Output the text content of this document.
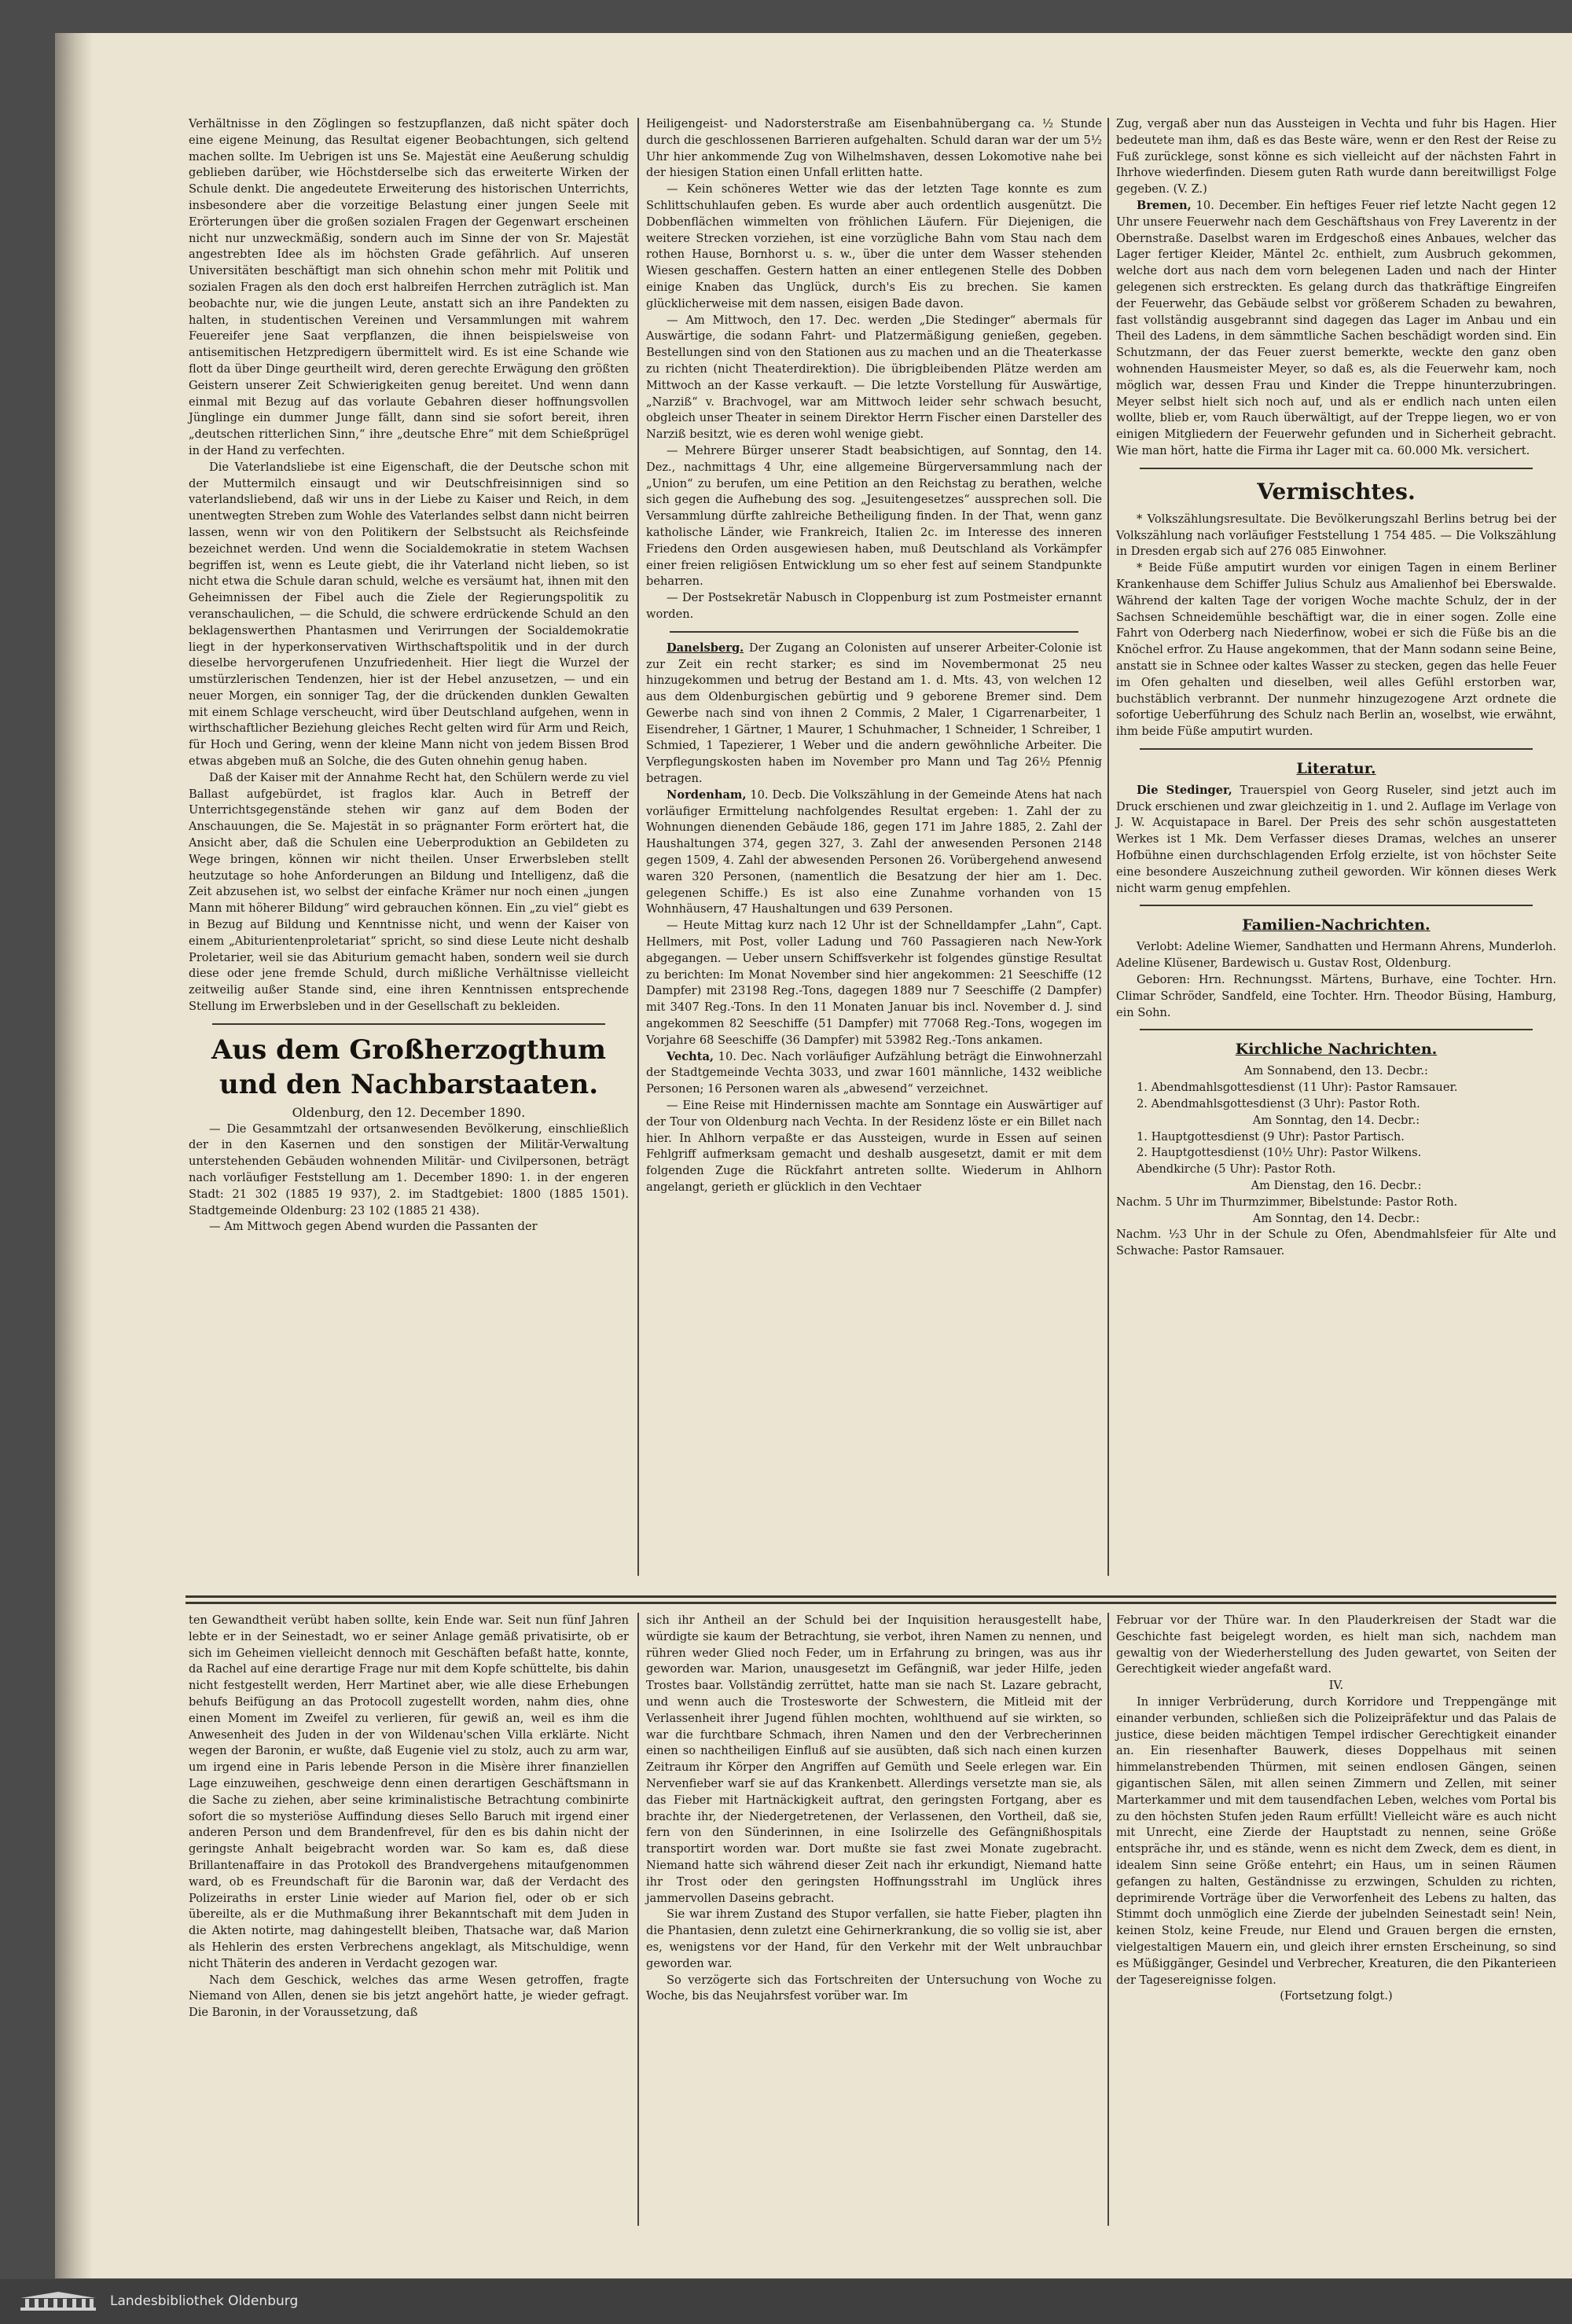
Verhältnisse in den Zöglingen so festzupflanzen, daß nicht später doch eine eigene Meinung, das Resultat eigener Beobachtungen, sich geltend machen sollte. Im Uebrigen ist uns Se. Majestät eine Aeußerung schuldig geblieben darüber, wie Höchstderselbe sich das erweiterte Wirken der Schule denkt. Die angedeutete Erweiterung des historischen Unterrichts, insbesondere aber die vorzeitige Belastung einer jungen Seele mit Erörterungen über die großen sozialen Fragen der Gegenwart erscheinen nicht nur unzweckmäßig, sondern auch im Sinne der von Sr. Majestät angestrebten Idee als im höchsten Grade gefährlich. Auf unseren Universitäten beschäftigt man sich ohnehin schon mehr mit Politik und sozialen Fragen als den doch erst halbreifen Herrchen zuträglich ist. Man beobachte nur, wie die jungen Leute, anstatt sich an ihre Pandekten zu halten, in studentischen Vereinen und Versammlungen mit wahrem Feuereifer jene Saat verpflanzen, die ihnen beispielsweise von antisemitischen Hetzpredigern übermittelt wird. Es ist eine Schande wie flott da über Dinge geurtheilt wird, deren gerechte Erwägung den größten Geistern unserer Zeit Schwierigkeiten genug bereitet. Und wenn dann einmal mit Bezug auf das vorlaute Gebahren dieser hoffnungsvollen Jünglinge ein dummer Junge fällt, dann sind sie sofort bereit, ihren „deutschen ritterlichen Sinn,“ ihre „deutsche Ehre“ mit dem Schießprügel in der Hand zu verfechten.

Die Vaterlandsliebe ist eine Eigenschaft, die der Deutsche schon mit der Muttermilch einsaugt und wir Deutschfreisinnigen sind so vaterlandsliebend, daß wir uns in der Liebe zu Kaiser und Reich, in dem unentwegten Streben zum Wohle des Vaterlandes selbst dann nicht beirren lassen, wenn wir von den Politikern der Selbstsucht als Reichsfeinde bezeichnet werden. Und wenn die Socialdemokratie in stetem Wachsen begriffen ist, wenn es Leute giebt, die ihr Vaterland nicht lieben, so ist nicht etwa die Schule daran schuld, welche es versäumt hat, ihnen mit den Geheimnissen der Fibel auch die Ziele der Regierungspolitik zu veranschaulichen, — die Schuld, die schwere erdrückende Schuld an den beklagenswerthen Phantasmen und Verirrungen der Socialdemokratie liegt in der hyperkonservativen Wirthschaftspolitik und in der durch dieselbe hervorgerufenen Unzufriedenheit. Hier liegt die Wurzel der umstürzlerischen Tendenzen, hier ist der Hebel anzusetzen, — und ein neuer Morgen, ein sonniger Tag, der die drückenden dunklen Gewalten mit einem Schlage verscheucht, wird über Deutschland aufgehen, wenn in wirthschaftlicher Beziehung gleiches Recht gelten wird für Arm und Reich, für Hoch und Gering, wenn der kleine Mann nicht von jedem Bissen Brod etwas abgeben muß an Solche, die des Guten ohnehin genug haben.

Daß der Kaiser mit der Annahme Recht hat, den Schülern werde zu viel Ballast aufgebürdet, ist fraglos klar. Auch in Betreff der Unterrichtsgegenstände stehen wir ganz auf dem Boden der Anschauungen, die Se. Majestät in so prägnanter Form erörtert hat, die Ansicht aber, daß die Schulen eine Ueberproduktion an Gebildeten zu Wege bringen, können wir nicht theilen. Unser Erwerbsleben stellt heutzutage so hohe Anforderungen an Bildung und Intelligenz, daß die Zeit abzusehen ist, wo selbst der einfache Krämer nur noch einen „jungen Mann mit höherer Bildung“ wird gebrauchen können. Ein „zu viel“ giebt es in Bezug auf Bildung und Kenntnisse nicht, und wenn der Kaiser von einem „Abiturientenproletariat“ spricht, so sind diese Leute nicht deshalb Proletarier, weil sie das Abiturium gemacht haben, sondern weil sie durch diese oder jene fremde Schuld, durch mißliche Verhältnisse vielleicht zeitweilig außer Stande sind, eine ihren Kenntnissen entsprechende Stellung im Erwerbsleben und in der Gesellschaft zu bekleiden.

Aus dem Großherzogthum und den Nachbarstaaten.

Oldenburg, den 12. December 1890.

— Die Gesammtzahl der ortsanwesenden Bevölkerung, einschließlich der in den Kasernen und den sonstigen der Militär-Verwaltung unterstehenden Gebäuden wohnenden Militär- und Civilpersonen, beträgt nach vorläufiger Feststellung am 1. December 1890: 1. in der engeren Stadt: 21 302 (1885 19 937), 2. im Stadtgebiet: 1800 (1885 1501). Stadtgemeinde Oldenburg: 23 102 (1885 21 438).

— Am Mittwoch gegen Abend wurden die Passanten der

Heiligengeist- und Nadorsterstraße am Eisenbahnübergang ca. ½ Stunde durch die geschlossenen Barrieren aufgehalten. Schuld daran war der um 5½ Uhr hier ankommende Zug von Wilhelmshaven, dessen Lokomotive nahe bei der hiesigen Station einen Unfall erlitten hatte.

— Kein schöneres Wetter wie das der letzten Tage konnte es zum Schlittschuhlaufen geben. Es wurde aber auch ordentlich ausgenützt. Die Dobbenflächen wimmelten von fröhlichen Läufern. Für Diejenigen, die weitere Strecken vorziehen, ist eine vorzügliche Bahn vom Stau nach dem rothen Hause, Bornhorst u. s. w., über die unter dem Wasser stehenden Wiesen geschaffen. Gestern hatten an einer entlegenen Stelle des Dobben einige Knaben das Unglück, durch's Eis zu brechen. Sie kamen glücklicherweise mit dem nassen, eisigen Bade davon.

— Am Mittwoch, den 17. Dec. werden „Die Stedinger“ abermals für Auswärtige, die sodann Fahrt- und Platzermäßigung genießen, gegeben. Bestellungen sind von den Stationen aus zu machen und an die Theaterkasse zu richten (nicht Theaterdirektion). Die übrigbleibenden Plätze werden am Mittwoch an der Kasse verkauft. — Die letzte Vorstellung für Auswärtige, „Narziß“ v. Brachvogel, war am Mittwoch leider sehr schwach besucht, obgleich unser Theater in seinem Direktor Herrn Fischer einen Darsteller des Narziß besitzt, wie es deren wohl wenige giebt.

— Mehrere Bürger unserer Stadt beabsichtigen, auf Sonntag, den 14. Dez., nachmittags 4 Uhr, eine allgemeine Bürgerversammlung nach der „Union“ zu berufen, um eine Petition an den Reichstag zu berathen, welche sich gegen die Aufhebung des sog. „Jesuitengesetzes“ aussprechen soll. Die Versammlung dürfte zahlreiche Betheiligung finden. In der That, wenn ganz katholische Länder, wie Frankreich, Italien 2c. im Interesse des inneren Friedens den Orden ausgewiesen haben, muß Deutschland als Vorkämpfer einer freien religiösen Entwicklung um so eher fest auf seinem Standpunkte beharren.

— Der Postsekretär Nabusch in Cloppenburg ist zum Postmeister ernannt worden.

Danelsberg. Der Zugang an Colonisten auf unserer Arbeiter-Colonie ist zur Zeit ein recht starker; es sind im Novembermonat 25 neu hinzugekommen und betrug der Bestand am 1. d. Mts. 43, von welchen 12 aus dem Oldenburgischen gebürtig und 9 geborene Bremer sind. Dem Gewerbe nach sind von ihnen 2 Commis, 2 Maler, 1 Cigarrenarbeiter, 1 Eisendreher, 1 Gärtner, 1 Maurer, 1 Schuhmacher, 1 Schneider, 1 Schreiber, 1 Schmied, 1 Tapezierer, 1 Weber und die andern gewöhnliche Arbeiter. Die Verpflegungskosten haben im November pro Mann und Tag 26½ Pfennig betragen.

Nordenham, 10. Decb. Die Volkszählung in der Gemeinde Atens hat nach vorläufiger Ermittelung nachfolgendes Resultat ergeben: 1. Zahl der zu Wohnungen dienenden Gebäude 186, gegen 171 im Jahre 1885, 2. Zahl der Haushaltungen 374, gegen 327, 3. Zahl der anwesenden Personen 2148 gegen 1509, 4. Zahl der abwesenden Personen 26. Vorübergehend anwesend waren 320 Personen, (namentlich die Besatzung der hier am 1. Dec. gelegenen Schiffe.) Es ist also eine Zunahme vorhanden von 15 Wohnhäusern, 47 Haushaltungen und 639 Personen.

— Heute Mittag kurz nach 12 Uhr ist der Schnelldampfer „Lahn“, Capt. Hellmers, mit Post, voller Ladung und 760 Passagieren nach New-York abgegangen. — Ueber unsern Schiffsverkehr ist folgendes günstige Resultat zu berichten: Im Monat November sind hier angekommen: 21 Seeschiffe (12 Dampfer) mit 23198 Reg.-Tons, dagegen 1889 nur 7 Seeschiffe (2 Dampfer) mit 3407 Reg.-Tons. In den 11 Monaten Januar bis incl. November d. J. sind angekommen 82 Seeschiffe (51 Dampfer) mit 77068 Reg.-Tons, wogegen im Vorjahre 68 Seeschiffe (36 Dampfer) mit 53982 Reg.-Tons ankamen.

Vechta, 10. Dec. Nach vorläufiger Aufzählung beträgt die Einwohnerzahl der Stadtgemeinde Vechta 3033, und zwar 1601 männliche, 1432 weibliche Personen; 16 Personen waren als „abwesend“ verzeichnet.

— Eine Reise mit Hindernissen machte am Sonntage ein Auswärtiger auf der Tour von Oldenburg nach Vechta. In der Residenz löste er ein Billet nach hier. In Ahlhorn verpaßte er das Aussteigen, wurde in Essen auf seinen Fehlgriff aufmerksam gemacht und deshalb ausgesetzt, damit er mit dem folgenden Zuge die Rückfahrt antreten sollte. Wiederum in Ahlhorn angelangt, gerieth er glücklich in den Vechtaer

Zug, vergaß aber nun das Aussteigen in Vechta und fuhr bis Hagen. Hier bedeutete man ihm, daß es das Beste wäre, wenn er den Rest der Reise zu Fuß zurücklege, sonst könne es sich vielleicht auf der nächsten Fahrt in Ihrhove wiederfinden. Diesem guten Rath wurde dann bereitwilligst Folge gegeben. (V. Z.)

Bremen, 10. December. Ein heftiges Feuer rief letzte Nacht gegen 12 Uhr unsere Feuerwehr nach dem Geschäftshaus von Frey Laverentz in der Obernstraße. Daselbst waren im Erdgeschoß eines Anbaues, welcher das Lager fertiger Kleider, Mäntel 2c. enthielt, zum Ausbruch gekommen, welche dort aus nach dem vorn belegenen Laden und nach der Hinter gelegenen sich erstreckten. Es gelang durch das thatkräftige Eingreifen der Feuerwehr, das Gebäude selbst vor größerem Schaden zu bewahren, fast vollständig ausgebrannt sind dagegen das Lager im Anbau und ein Theil des Ladens, in dem sämmtliche Sachen beschädigt worden sind. Ein Schutzmann, der das Feuer zuerst bemerkte, weckte den ganz oben wohnenden Hausmeister Meyer, so daß es, als die Feuerwehr kam, noch möglich war, dessen Frau und Kinder die Treppe hinunterzubringen. Meyer selbst hielt sich noch auf, und als er endlich nach unten eilen wollte, blieb er, vom Rauch überwältigt, auf der Treppe liegen, wo er von einigen Mitgliedern der Feuerwehr gefunden und in Sicherheit gebracht. Wie man hört, hatte die Firma ihr Lager mit ca. 60.000 Mk. versichert.

Vermischtes.

* Volkszählungsresultate. Die Bevölkerungszahl Berlins betrug bei der Volkszählung nach vorläufiger Feststellung 1 754 485. — Die Volkszählung in Dresden ergab sich auf 276 085 Einwohner.

* Beide Füße amputirt wurden vor einigen Tagen in einem Berliner Krankenhause dem Schiffer Julius Schulz aus Amalienhof bei Eberswalde. Während der kalten Tage der vorigen Woche machte Schulz, der in der Sachsen Schneidemühle beschäftigt war, die in einer sogen. Zolle eine Fahrt von Oderberg nach Niederfinow, wobei er sich die Füße bis an die Knöchel erfror. Zu Hause angekommen, that der Mann sodann seine Beine, anstatt sie in Schnee oder kaltes Wasser zu stecken, gegen das helle Feuer im Ofen gehalten und dieselben, weil alles Gefühl erstorben war, buchstäblich verbrannt. Der nunmehr hinzugezogene Arzt ordnete die sofortige Ueberführung des Schulz nach Berlin an, woselbst, wie erwähnt, ihm beide Füße amputirt wurden.

Literatur.

Die Stedinger, Trauerspiel von Georg Ruseler, sind jetzt auch im Druck erschienen und zwar gleichzeitig in 1. und 2. Auflage im Verlage von J. W. Acquistapace in Barel. Der Preis des sehr schön ausgestatteten Werkes ist 1 Mk. Dem Verfasser dieses Dramas, welches an unserer Hofbühne einen durchschlagenden Erfolg erzielte, ist von höchster Seite eine besondere Auszeichnung zutheil geworden. Wir können dieses Werk nicht warm genug empfehlen.

Familien-Nachrichten.

Verlobt: Adeline Wiemer, Sandhatten und Hermann Ahrens, Munderloh. Adeline Klüsener, Bardewisch u. Gustav Rost, Oldenburg.

Geboren: Hrn. Rechnungsst. Märtens, Burhave, eine Tochter. Hrn. Climar Schröder, Sandfeld, eine Tochter. Hrn. Theodor Büsing, Hamburg, ein Sohn.

Kirchliche Nachrichten.

Am Sonnabend, den 13. Decbr.:

1. Abendmahlsgottesdienst (11 Uhr): Pastor Ramsauer.

2. Abendmahlsgottesdienst (3 Uhr): Pastor Roth.

Am Sonntag, den 14. Decbr.:

1. Hauptgottesdienst (9 Uhr): Pastor Partisch.

2. Hauptgottesdienst (10½ Uhr): Pastor Wilkens.

Abendkirche (5 Uhr): Pastor Roth.

Am Dienstag, den 16. Decbr.:

Nachm. 5 Uhr im Thurmzimmer, Bibelstunde: Pastor Roth.

Am Sonntag, den 14. Decbr.:

Nachm. ½3 Uhr in der Schule zu Ofen, Abendmahlsfeier für Alte und Schwache: Pastor Ramsauer.

ten Gewandtheit verübt haben sollte, kein Ende war. Seit nun fünf Jahren lebte er in der Seinestadt, wo er seiner Anlage gemäß privatisirte, ob er sich im Geheimen vielleicht dennoch mit Geschäften befaßt hatte, konnte, da Rachel auf eine derartige Frage nur mit dem Kopfe schüttelte, bis dahin nicht festgestellt werden, Herr Martinet aber, wie alle diese Erhebungen behufs Beifügung an das Protocoll zugestellt worden, nahm dies, ohne einen Moment im Zweifel zu verlieren, für gewiß an, weil es ihm die Anwesenheit des Juden in der von Wildenau'schen Villa erklärte. Nicht wegen der Baronin, er wußte, daß Eugenie viel zu stolz, auch zu arm war, um irgend eine in Paris lebende Person in die Misère ihrer finanziellen Lage einzuweihen, geschweige denn einen derartigen Geschäftsmann in die Sache zu ziehen, aber seine kriminalistische Betrachtung combinirte sofort die so mysteriöse Auffindung dieses Sello Baruch mit irgend einer anderen Person und dem Brandenfrevel, für den es bis dahin nicht der geringste Anhalt beigebracht worden war. So kam es, daß diese Brillantenaffaire in das Protokoll des Brandvergehens mitaufgenommen ward, ob es Freundschaft für die Baronin war, daß der Verdacht des Polizeiraths in erster Linie wieder auf Marion fiel, oder ob er sich übereilte, als er die Muthmaßung ihrer Bekanntschaft mit dem Juden in die Akten notirte, mag dahingestellt bleiben, Thatsache war, daß Marion als Hehlerin des ersten Verbrechens angeklagt, als Mitschuldige, wenn nicht Thäterin des anderen in Verdacht gezogen war.

Nach dem Geschick, welches das arme Wesen getroffen, fragte Niemand von Allen, denen sie bis jetzt angehört hatte, je wieder gefragt. Die Baronin, in der Voraussetzung, daß

sich ihr Antheil an der Schuld bei der Inquisition herausgestellt habe, würdigte sie kaum der Betrachtung, sie verbot, ihren Namen zu nennen, und rühren weder Glied noch Feder, um in Erfahrung zu bringen, was aus ihr geworden war. Marion, unausgesetzt im Gefängniß, war jeder Hilfe, jeden Trostes baar. Vollständig zerrüttet, hatte man sie nach St. Lazare gebracht, und wenn auch die Trostesworte der Schwestern, die Mitleid mit der Verlassenheit ihrer Jugend fühlen mochten, wohlthuend auf sie wirkten, so war die furchtbare Schmach, ihren Namen und den der Verbrecherinnen einen so nachtheiligen Einfluß auf sie ausübten, daß sich nach einen kurzen Zeitraum ihr Körper den Angriffen auf Gemüth und Seele erlegen war. Ein Nervenfieber warf sie auf das Krankenbett. Allerdings versetzte man sie, als das Fieber mit Hartnäckigkeit auftrat, den geringsten Fortgang, aber es brachte ihr, der Niedergetretenen, der Verlassenen, den Vortheil, daß sie, fern von den Sünderinnen, in eine Isolirzelle des Gefängnißhospitals transportirt worden war. Dort mußte sie fast zwei Monate zugebracht. Niemand hatte sich während dieser Zeit nach ihr erkundigt, Niemand hatte ihr Trost oder den geringsten Hoffnungsstrahl im Unglück ihres jammervollen Daseins gebracht.

Sie war ihrem Zustand des Stupor verfallen, sie hatte Fieber, plagten ihn die Phantasien, denn zuletzt eine Gehirnerkrankung, die so vollig sie ist, aber es, wenigstens vor der Hand, für den Verkehr mit der Welt unbrauchbar geworden war.

So verzögerte sich das Fortschreiten der Untersuchung von Woche zu Woche, bis das Neujahrsfest vorüber war. Im

Februar vor der Thüre war. In den Plauderkreisen der Stadt war die Geschichte fast beigelegt worden, es hielt man sich, nachdem man gewaltig von der Wiederherstellung des Juden gewartet, von Seiten der Gerechtigkeit wieder angefaßt ward.

IV.

In inniger Verbrüderung, durch Korridore und Treppengänge mit einander verbunden, schließen sich die Polizeipräfektur und das Palais de justice, diese beiden mächtigen Tempel irdischer Gerechtigkeit einander an. Ein riesenhafter Bauwerk, dieses Doppelhaus mit seinen himmelanstrebenden Thürmen, mit seinen endlosen Gängen, seinen gigantischen Sälen, mit allen seinen Zimmern und Zellen, mit seiner Marterkammer und mit dem tausendfachen Leben, welches vom Portal bis zu den höchsten Stufen jeden Raum erfüllt! Vielleicht wäre es auch nicht mit Unrecht, eine Zierde der Hauptstadt zu nennen, seine Größe entspräche ihr, und es stände, wenn es nicht dem Zweck, dem es dient, in idealem Sinn seine Größe entehrt; ein Haus, um in seinen Räumen gefangen zu halten, Geständnisse zu erzwingen, Schulden zu richten, deprimirende Vorträge über die Verworfenheit des Lebens zu halten, das Stimmt doch unmöglich eine Zierde der jubelnden Seinestadt sein! Nein, keinen Stolz, keine Freude, nur Elend und Grauen bergen die ernsten, vielgestaltigen Mauern ein, und gleich ihrer ernsten Erscheinung, so sind es Müßiggänger, Gesindel und Verbrecher, Kreaturen, die den Pikanterieen der Tagesereignisse folgen.

(Fortsetzung folgt.)

Landesbibliothek Oldenburg
